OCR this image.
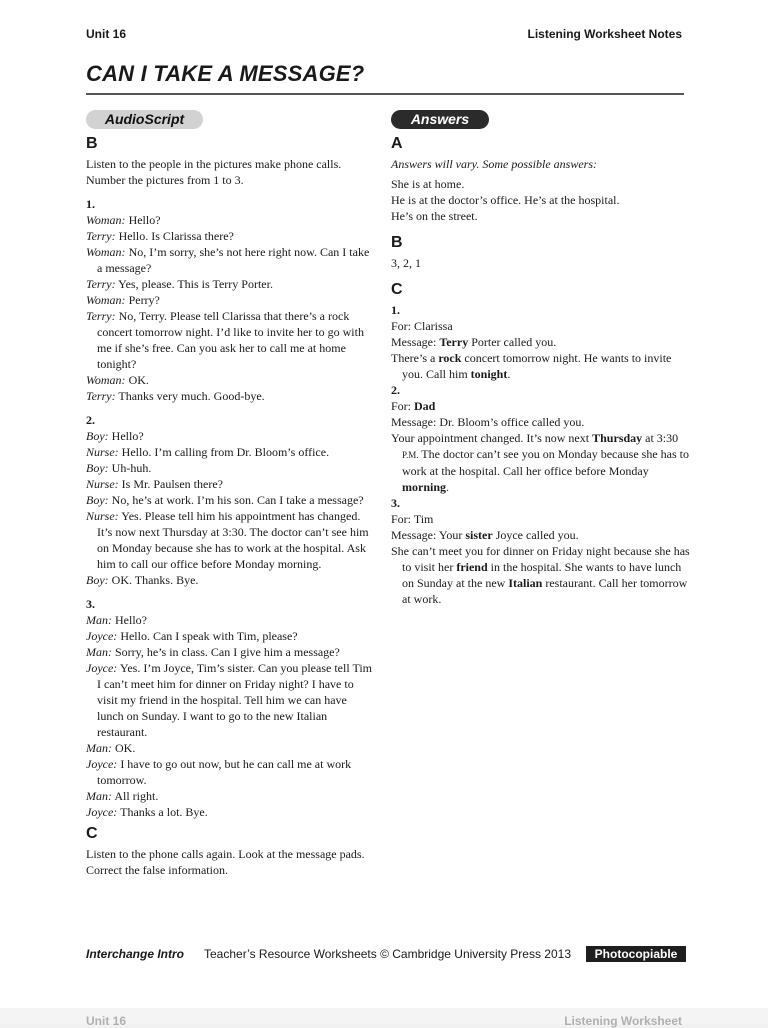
Unit 16	Listening Worksheet Notes
CAN I TAKE A MESSAGE?
AudioScript
B
Listen to the people in the pictures make phone calls. Number the pictures from 1 to 3.
1.
Woman: Hello?
Terry: Hello. Is Clarissa there?
Woman: No, I’m sorry, she’s not here right now. Can I take a message?
Terry: Yes, please. This is Terry Porter.
Woman: Perry?
Terry: No, Terry. Please tell Clarissa that there’s a rock concert tomorrow night. I’d like to invite her to go with me if she’s free. Can you ask her to call me at home tonight?
Woman: OK.
Terry: Thanks very much. Good-bye.
2.
Boy: Hello?
Nurse: Hello. I’m calling from Dr. Bloom’s office.
Boy: Uh-huh.
Nurse: Is Mr. Paulsen there?
Boy: No, he’s at work. I’m his son. Can I take a message?
Nurse: Yes. Please tell him his appointment has changed. It’s now next Thursday at 3:30. The doctor can’t see him on Monday because she has to work at the hospital. Ask him to call our office before Monday morning.
Boy: OK. Thanks. Bye.
3.
Man: Hello?
Joyce: Hello. Can I speak with Tim, please?
Man: Sorry, he’s in class. Can I give him a message?
Joyce: Yes. I’m Joyce, Tim’s sister. Can you please tell Tim I can’t meet him for dinner on Friday night? I have to visit my friend in the hospital. Tell him we can have lunch on Sunday. I want to go to the new Italian restaurant.
Man: OK.
Joyce: I have to go out now, but he can call me at work tomorrow.
Man: All right.
Joyce: Thanks a lot. Bye.
C
Listen to the phone calls again. Look at the message pads. Correct the false information.
Answers
A
Answers will vary. Some possible answers:
She is at home.
He is at the doctor’s office. He’s at the hospital.
He’s on the street.
B
3, 2, 1
C
1.
For: Clarissa
Message: Terry Porter called you.
There’s a rock concert tomorrow night. He wants to invite you. Call him tonight.
2.
For: Dad
Message: Dr. Bloom’s office called you.
Your appointment changed. It’s now next Thursday at 3:30 P.M. The doctor can’t see you on Monday because she has to work at the hospital. Call her office before Monday morning.
3.
For: Tim
Message: Your sister Joyce called you.
She can’t meet you for dinner on Friday night because she has to visit her friend in the hospital. She wants to have lunch on Sunday at the new Italian restaurant. Call her tomorrow at work.
Interchange Intro Teacher’s Resource Worksheets © Cambridge University Press 2013	Photocopiable
Unit 16	Listening Worksheet
